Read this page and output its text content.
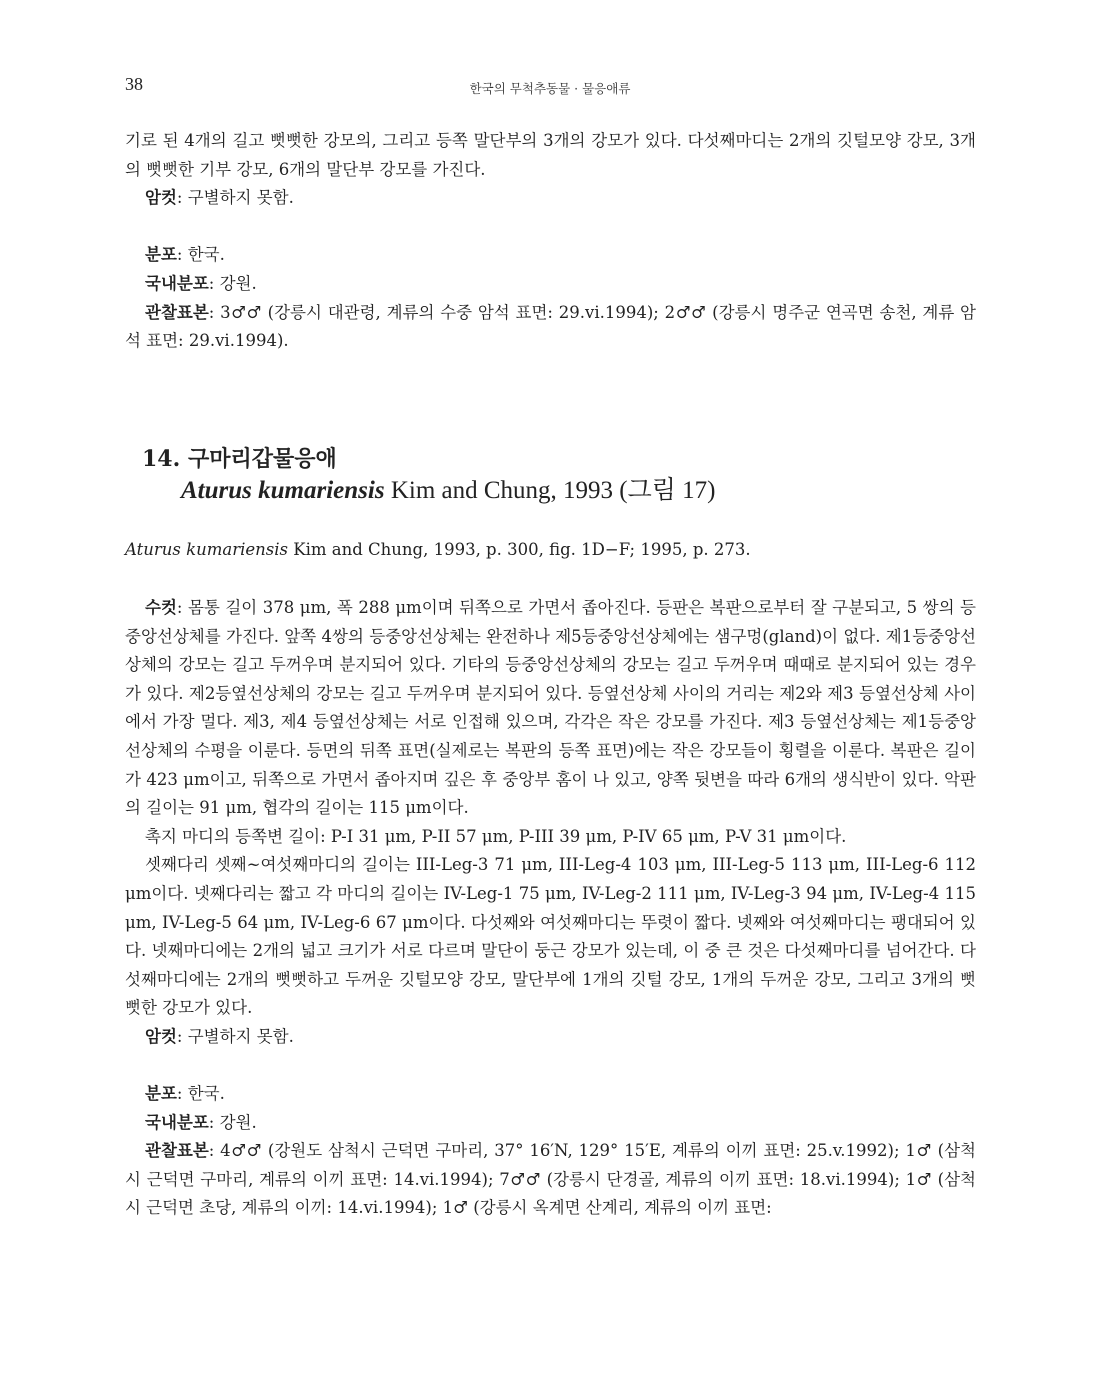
38	한국의 무척추동물 · 물응애류

기로 된 4개의 길고 뻣뻣한 강모의, 그리고 등쪽 말단부의 3개의 강모가 있다. 다섯째마디는 2개의 깃털모양 강모, 3개의 뻣뻣한 기부 강모, 6개의 말단부 강모를 가진다.

암컷: 구별하지 못함.

분포: 한국.

국내분포: 강원.

관찰표본: 3♂♂ (강릉시 대관령, 계류의 수중 암석 표면: 29.vi.1994); 2♂♂ (강릉시 명주군 연곡면 송천, 계류 암석 표면: 29.vi.1994).

14. 구마리갑물응애
Aturus kumariensis Kim and Chung, 1993 (그림 17)
Aturus kumariensis Kim and Chung, 1993, p. 300, fig. 1D−F; 1995, p. 273.

수컷: 몸통 길이 378 μm, 폭 288 μm이며 뒤쪽으로 가면서 좁아진다. 등판은 복판으로부터 잘 구분되고, 5 쌍의 등중앙선상체를 가진다. 앞쪽 4쌍의 등중앙선상체는 완전하나 제5등중앙선상체에는 샘구멍(gland)이 없다. 제1등중앙선상체의 강모는 길고 두꺼우며 분지되어 있다. 기타의 등중앙선상체의 강모는 길고 두꺼우며 때때로 분지되어 있는 경우가 있다. 제2등옆선상체의 강모는 길고 두꺼우며 분지되어 있다. 등옆선상체 사이의 거리는 제2와 제3 등옆선상체 사이에서 가장 멀다. 제3, 제4 등옆선상체는 서로 인접해 있으며, 각각은 작은 강모를 가진다. 제3 등옆선상체는 제1등중앙선상체의 수평을 이룬다. 등면의 뒤쪽 표면(실제로는 복판의 등쪽 표면)에는 작은 강모들이 횡렬을 이룬다. 복판은 길이가 423 μm이고, 뒤쪽으로 가면서 좁아지며 깊은 후 중앙부 홈이 나 있고, 양쪽 뒷변을 따라 6개의 생식반이 있다. 악판의 길이는 91 μm, 협각의 길이는 115 μm이다.

촉지 마디의 등쪽변 길이: P-I 31 μm, P-II 57 μm, P-III 39 μm, P-IV 65 μm, P-V 31 μm이다.

셋째다리 셋째~여섯째마디의 길이는 III-Leg-3 71 μm, III-Leg-4 103 μm, III-Leg-5 113 μm, III-Leg-6 112 μm이다. 넷째다리는 짧고 각 마디의 길이는 IV-Leg-1 75 μm, IV-Leg-2 111 μm, IV-Leg-3 94 μm, IV-Leg-4 115 μm, IV-Leg-5 64 μm, IV-Leg-6 67 μm이다. 다섯째와 여섯째마디는 뚜렷이 짧다. 넷째와 여섯째마디는 팽대되어 있다. 넷째마디에는 2개의 넓고 크기가 서로 다르며 말단이 둥근 강모가 있는데, 이 중 큰 것은 다섯째마디를 넘어간다. 다섯째마디에는 2개의 뻣뻣하고 두꺼운 깃털모양 강모, 말단부에 1개의 깃털 강모, 1개의 두꺼운 강모, 그리고 3개의 뻣뻣한 강모가 있다.

암컷: 구별하지 못함.

분포: 한국.

국내분포: 강원.

관찰표본: 4♂♂ (강원도 삼척시 근덕면 구마리, 37° 16′N, 129° 15′E, 계류의 이끼 표면: 25.v.1992); 1♂ (삼척시 근덕면 구마리, 계류의 이끼 표면: 14.vi.1994); 7♂♂ (강릉시 단경골, 계류의 이끼 표면: 18.vi.1994); 1♂ (삼척시 근덕면 초당, 계류의 이끼: 14.vi.1994); 1♂ (강릉시 옥계면 산계리, 계류의 이끼 표면:
